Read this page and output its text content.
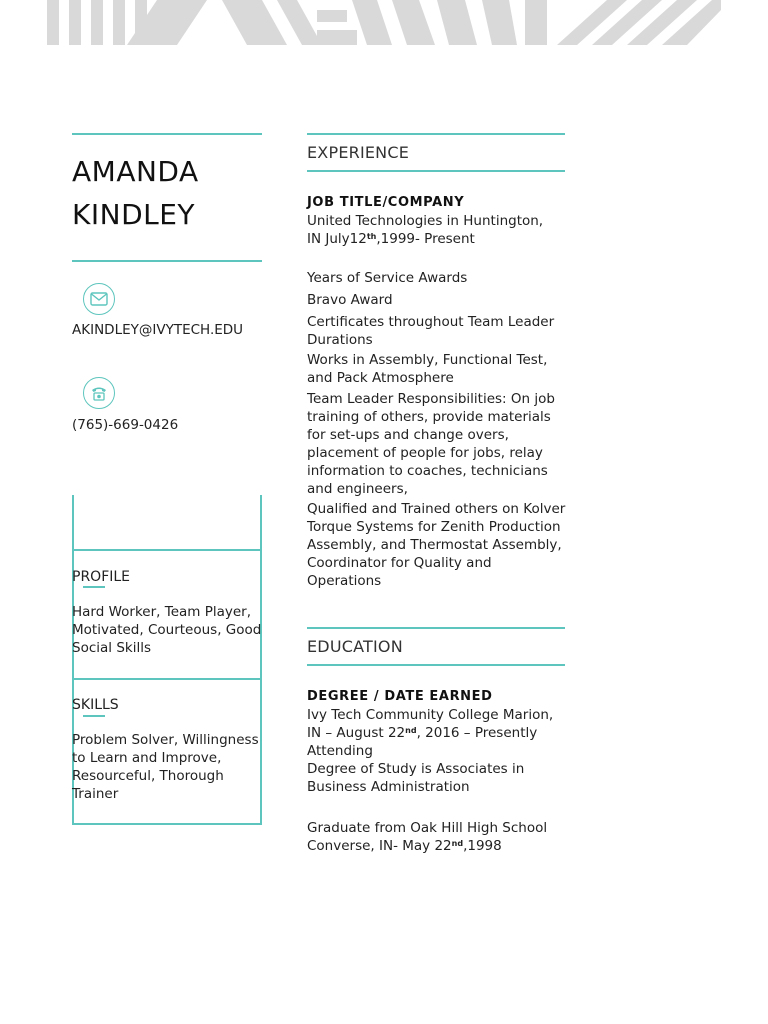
AMANDA
KINDLEY
AKINDLEY@IVYTECH.EDU
(765)-669-0426
PROFILE
Hard Worker, Team Player, Motivated, Courteous, Good Social Skills
SKILLS
Problem Solver, Willingness to Learn and Improve, Resourceful, Thorough Trainer
EXPERIENCE
JOB TITLE/COMPANY
United Technologies in Huntington,
IN July12th,1999- Present
Years of Service Awards
Bravo Award
Certificates throughout Team Leader Durations
Works in Assembly, Functional Test, and Pack Atmosphere
Team Leader Responsibilities: On job training of others, provide materials for set-ups and change overs, placement of people for jobs, relay information to coaches, technicians and engineers,
Qualified and Trained others on Kolver Torque Systems for Zenith Production Assembly, and Thermostat Assembly, Coordinator for Quality and Operations
EDUCATION
DEGREE / DATE EARNED
Ivy Tech Community College Marion,
IN – August 22nd, 2016 – Presently
Attending
Degree of Study is Associates in Business Administration
Graduate from Oak Hill High School
Converse, IN- May 22nd,1998
